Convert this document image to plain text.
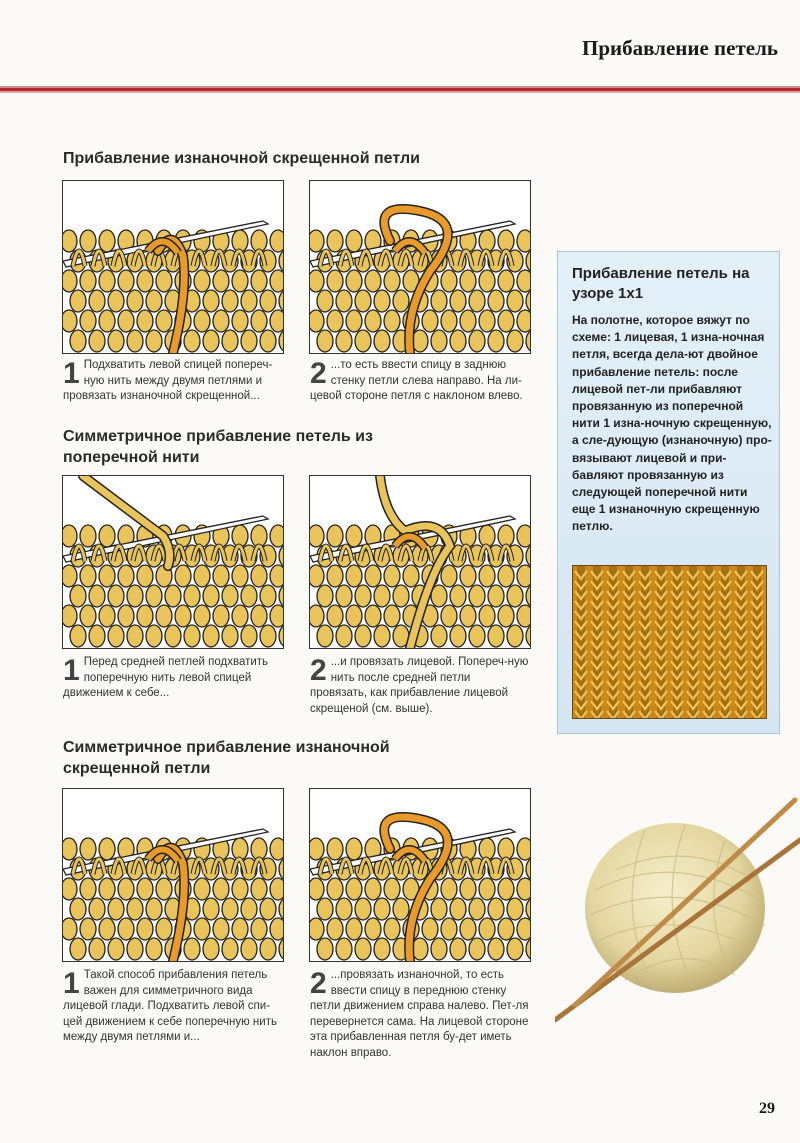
Прибавление петель
Прибавление изнаночной скрещенной петли
1 Подхватить левой спицей попереч-ную нить между двумя петлями и провязать изнаночной скрещенной...
2 ...то есть ввести спицу в заднюю стенку петли слева направо. На ли-цевой стороне петля с наклоном влево.
Симметричное прибавление петель из поперечной нити
1 Перед средней петлей подхватить поперечную нить левой спицей движением к себе...
2 ...и провязать лицевой. Попереч-ную нить после средней петли провязать, как прибавление лицевой скрещеной (см. выше).
Симметричное прибавление изнаночной скрещенной петли
1 Такой способ прибавления петель важен для симметричного вида лицевой глади. Подхватить левой спи-цей движением к себе поперечную нить между двумя петлями и...
2 ...провязать изнаночной, то есть ввести спицу в переднюю стенку петли движением справа налево. Пет-ля перевернется сама. На лицевой стороне эта прибавленная петля бу-дет иметь наклон вправо.
Прибавление петель на узоре 1х1
На полотне, которое вяжут по схеме: 1 лицевая, 1 изна-ночная петля, всегда дела-ют двойное прибавление петель: после лицевой пет-ли прибавляют провязанную из поперечной нити 1 изна-ночную скрещенную, а сле-дующую (изнаночную) про-вязывают лицевой и при-бавляют провязанную из следующей поперечной нити еще 1 изнаночную скрещенную петлю.
29
